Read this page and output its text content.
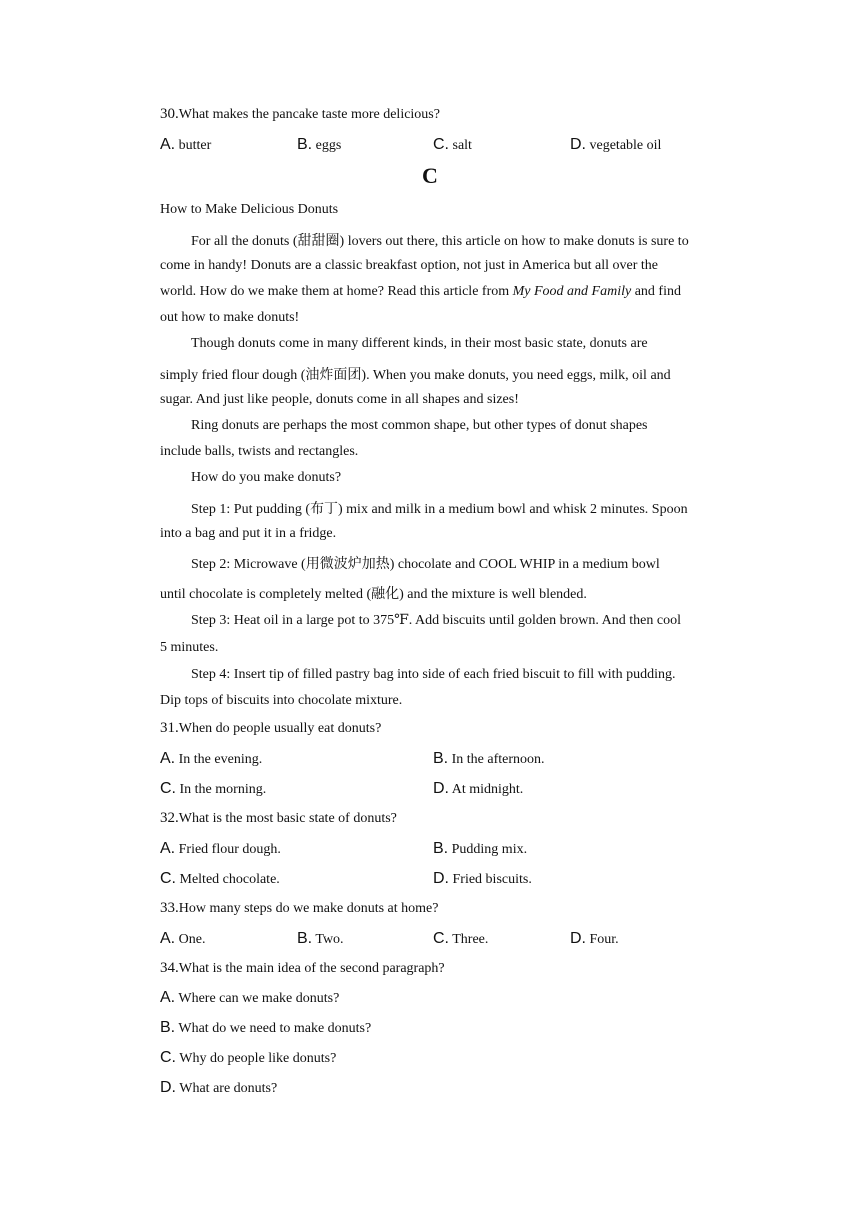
30.What makes the pancake taste more delicious?
A. butter	B. eggs	C. salt	D. vegetable oil
C
How to Make Delicious Donuts
For all the donuts (甜甜圈) lovers out there, this article on how to make donuts is sure to
come in handy! Donuts are a classic breakfast option, not just in America but all over the
world. How do we make them at home? Read this article from My Food and Family and find
out how to make donuts!
Though donuts come in many different kinds, in their most basic state, donuts are
simply fried flour dough (油炸面团). When you make donuts, you need eggs, milk, oil and
sugar. And just like people, donuts come in all shapes and sizes!
Ring donuts are perhaps the most common shape, but other types of donut shapes
include balls, twists and rectangles.
How do you make donuts?
Step 1: Put pudding (布丁) mix and milk in a medium bowl and whisk 2 minutes. Spoon
into a bag and put it in a fridge.
Step 2: Microwave (用微波炉加热) chocolate and COOL WHIP in a medium bowl
until chocolate is completely melted (融化) and the mixture is well blended.
Step 3: Heat oil in a large pot to 375℉. Add biscuits until golden brown. And then cool
5 minutes.
Step 4: Insert tip of filled pastry bag into side of each fried biscuit to fill with pudding.
Dip tops of biscuits into chocolate mixture.
31.When do people usually eat donuts?
A. In the evening.	B. In the afternoon.
C. In the morning.	D. At midnight.
32.What is the most basic state of donuts?
A. Fried flour dough.	B. Pudding mix.
C. Melted chocolate.	D. Fried biscuits.
33.How many steps do we make donuts at home?
A. One.	B. Two.	C. Three.	D. Four.
34.What is the main idea of the second paragraph?
A. Where can we make donuts?
B. What do we need to make donuts?
C. Why do people like donuts?
D. What are donuts?
